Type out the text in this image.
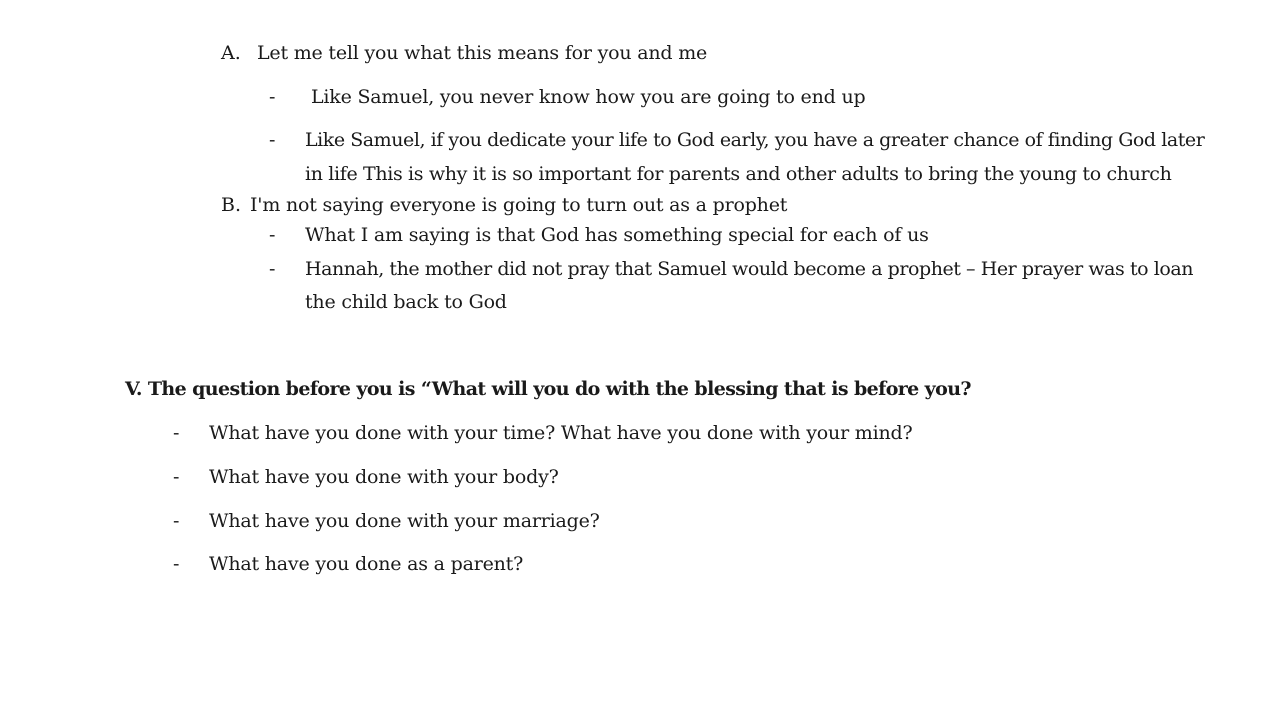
A. Let me tell you what this means for you and me
- Like Samuel, you never know how you are going to end up
- Like Samuel, if you dedicate your life to God early, you have a greater chance of finding God later
in life This is why it is so important for parents and other adults to bring the young to church
B. I'm not saying everyone is going to turn out as a prophet
- What I am saying is that God has something special for each of us
- Hannah, the mother did not pray that Samuel would become a prophet – Her prayer was to loan
the child back to God
V. The question before you is “What will you do with the blessing that is before you?
- What have you done with your time? What have you done with your mind?
- What have you done with your body?
- What have you done with your marriage?
- What have you done as a parent?
